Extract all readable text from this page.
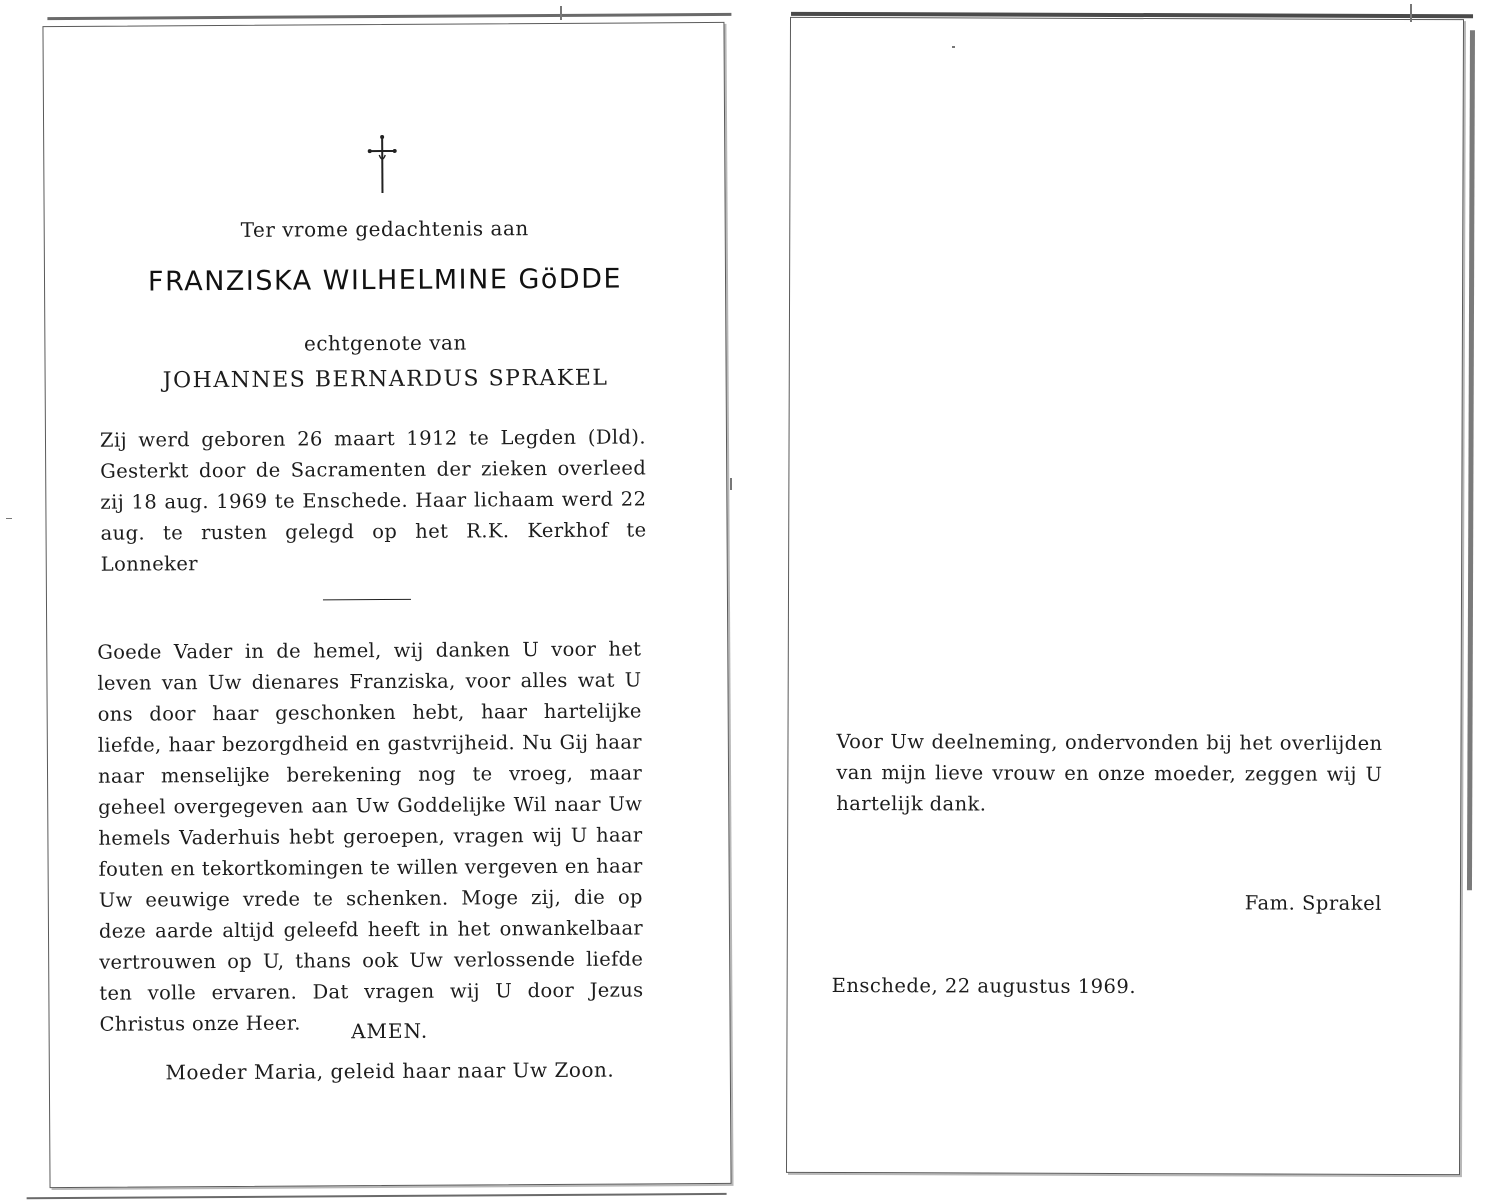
Ter vrome gedachtenis aan
FRANZISKA WILHELMINE GöDDE
echtgenote van
JOHANNES BERNARDUS SPRAKEL
Zij werd geboren 26 maart 1912 te Legden (Dld). Gesterkt door de Sacramenten der zieken overleed zij 18 aug. 1969 te Enschede. Haar lichaam werd 22 aug. te rusten gelegd op het R.K. Kerkhof te Lonneker
Goede Vader in de hemel, wij danken U voor het leven van Uw dienares Franziska, voor alles wat U ons door haar geschonken hebt, haar hartelijke liefde, haar bezorgdheid en gastvrijheid. Nu Gij haar naar menselijke berekening nog te vroeg, maar geheel overgegeven aan Uw Goddelijke Wil naar Uw hemels Vaderhuis hebt geroepen, vragen wij U haar fouten en tekortkomingen te willen vergeven en haar Uw eeuwige vrede te schenken. Moge zij, die op deze aarde altijd geleefd heeft in het onwankelbaar vertrouwen op U, thans ook Uw verlossende liefde ten volle ervaren. Dat vragen wij U door Jezus Christus onze Heer.	AMEN.
Moeder Maria, geleid haar naar Uw Zoon.
Voor Uw deelneming, ondervonden bij het overlijden van mijn lieve vrouw en onze moeder, zeggen wij U hartelijk dank.
Fam. Sprakel
Enschede, 22 augustus 1969.
